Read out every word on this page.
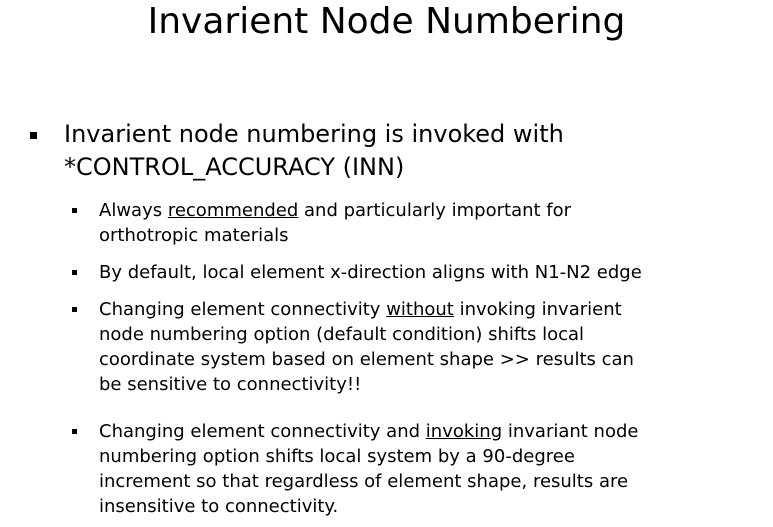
Invarient Node Numbering
Invarient node numbering is invoked with
*CONTROL_ACCURACY (INN)
Always recommended and particularly important for
orthotropic materials
By default, local element x-direction aligns with N1-N2 edge
Changing element connectivity without invoking invarient
node numbering option (default condition) shifts local
coordinate system based on element shape >> results can
be sensitive to connectivity!!
Changing element connectivity and invoking invariant node
numbering option shifts local system by a 90-degree
increment so that regardless of element shape, results are
insensitive to connectivity.
